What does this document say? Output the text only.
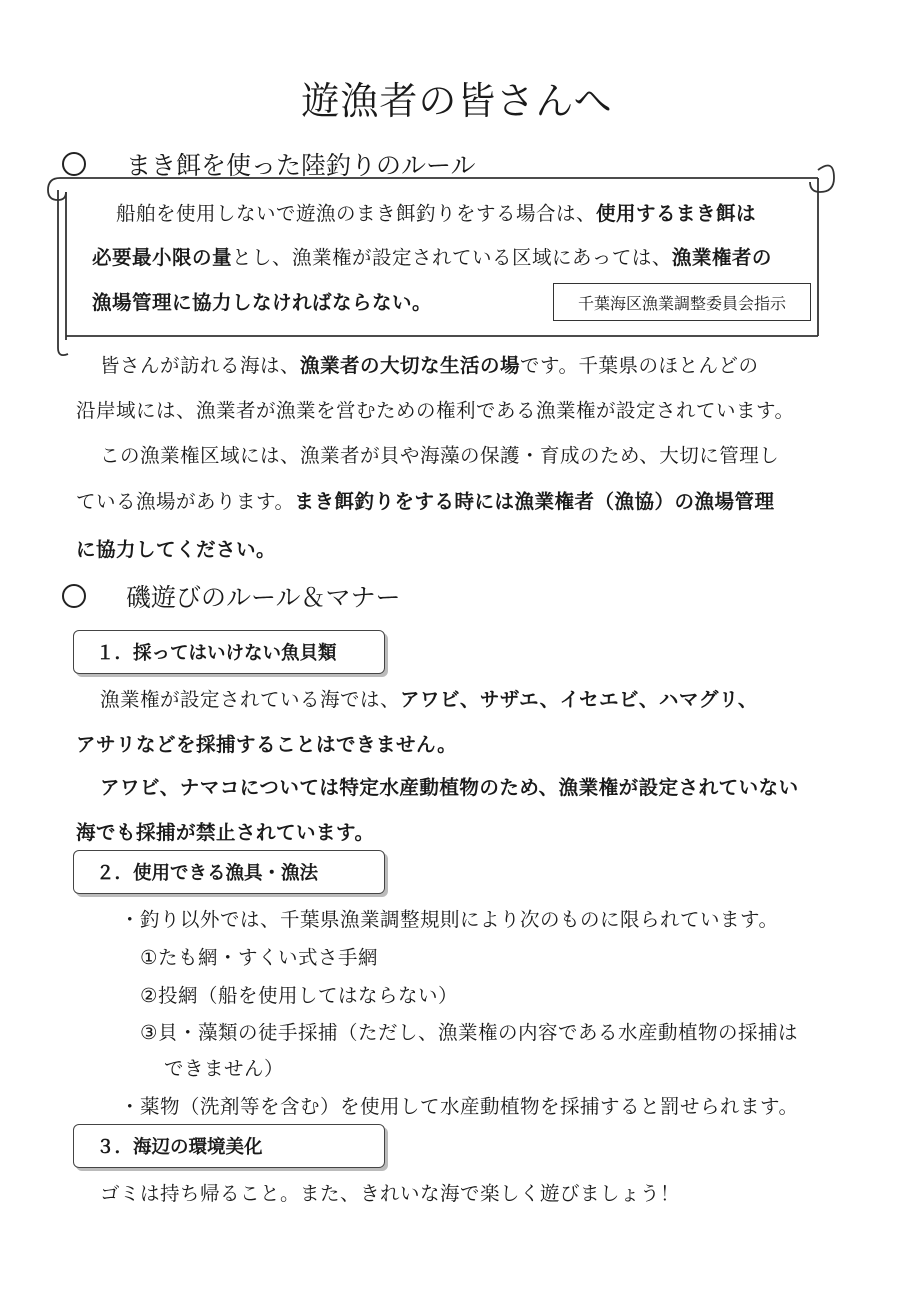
遊漁者の皆さんへ
まき餌を使った陸釣りのルール
船舶を使用しないで遊漁のまき餌釣りをする場合は、使用するまき餌は
必要最小限の量とし、漁業権が設定されている区域にあっては、漁業権者の
漁場管理に協力しなければならない。	千葉海区漁業調整委員会指示
皆さんが訪れる海は、漁業者の大切な生活の場です。千葉県のほとんどの
沿岸域には、漁業者が漁業を営むための権利である漁業権が設定されています。
この漁業権区域には、漁業者が貝や海藻の保護・育成のため、大切に管理し
ている漁場があります。まき餌釣りをする時には漁業権者（漁協）の漁場管理
に協力してください。
磯遊びのルール＆マナー
１．採ってはいけない魚貝類
漁業権が設定されている海では、アワビ、サザエ、イセエビ、ハマグリ、
アサリなどを採捕することはできません。
アワビ、ナマコについては特定水産動植物のため、漁業権が設定されていない
海でも採捕が禁止されています。
２．使用できる漁具・漁法
・釣り以外では、千葉県漁業調整規則により次のものに限られています。
①たも網・すくい式さ手網
②投網（船を使用してはならない）
③貝・藻類の徒手採捕（ただし、漁業権の内容である水産動植物の採捕は
できません）
・薬物（洗剤等を含む）を使用して水産動植物を採捕すると罰せられます。
３．海辺の環境美化
ゴミは持ち帰ること。また、きれいな海で楽しく遊びましょう！
